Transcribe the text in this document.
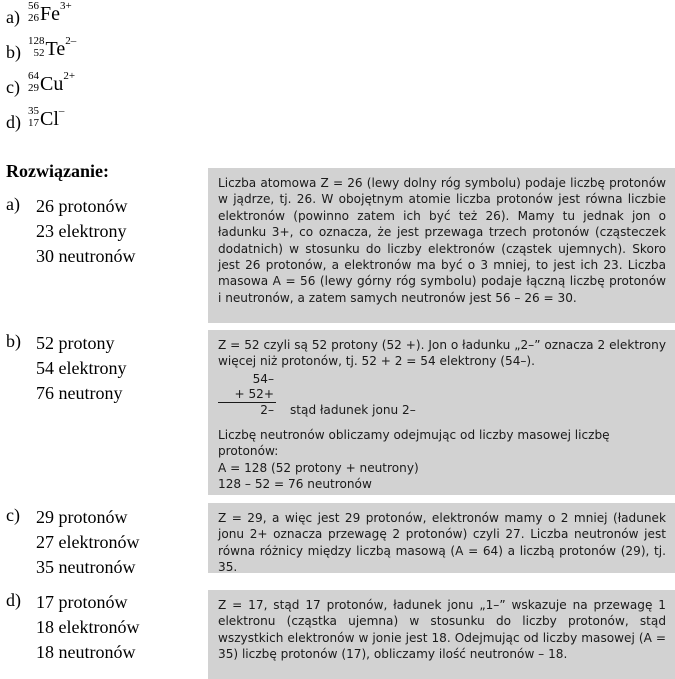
a)
56
26 Fe 3+
b)
128
52 Te 2–
c)
64
29 Cu 2+
d)
35
17 Cl –
Rozwiązanie:
a) 26 protonów
23 elektrony
30 neutronów
b) 52 protony
54 elektrony
76 neutrony
c) 29 protonów
27 elektronów
35 neutronów
d) 17 protonów
18 elektronów
18 neutronów

Liczba atomowa Z = 26 (lewy dolny róg symbolu) podaje liczbę protonów w jądrze, tj. 26. W obojętnym atomie liczba protonów jest równa liczbie elektronów (powinno zatem ich być też 26). Mamy tu jednak jon o ładunku 3+, co oznacza, że jest przewaga trzech protonów (cząsteczek dodatnich) w stosunku do liczby elektronów (cząstek ujemnych). Skoro jest 26 protonów, a elektronów ma być o 3 mniej, to jest ich 23. Liczba masowa A = 56 (lewy górny róg symbolu) podaje łączną liczbę protonów i neutronów, a zatem samych neutronów jest 56 – 26 = 30.

Z = 52 czyli są 52 protony (52 +). Jon o ładunku „2–” oznacza 2 elektrony więcej niż protonów, tj. 52 + 2 = 54 elektrony (54–).

54–
+ 52+
2–	stąd ładunek jonu 2–

Liczbę neutronów obliczamy odejmując od liczby masowej liczbę protonów:

A = 128 (52 protony + neutrony)

128 – 52 = 76 neutronów

Z = 29, a więc jest 29 protonów, elektronów mamy o 2 mniej (ładunek jonu 2+ oznacza przewagę 2 protonów) czyli 27. Liczba neutronów jest równa różnicy między liczbą masową (A = 64) a liczbą protonów (29), tj. 35.

Z = 17, stąd 17 protonów, ładunek jonu „1–” wskazuje na przewagę 1 elektronu (cząstka ujemna) w stosunku do liczby protonów, stąd wszystkich elektronów w jonie jest 18. Odejmując od liczby masowej (A = 35) liczbę protonów (17), obliczamy ilość neutronów – 18.
